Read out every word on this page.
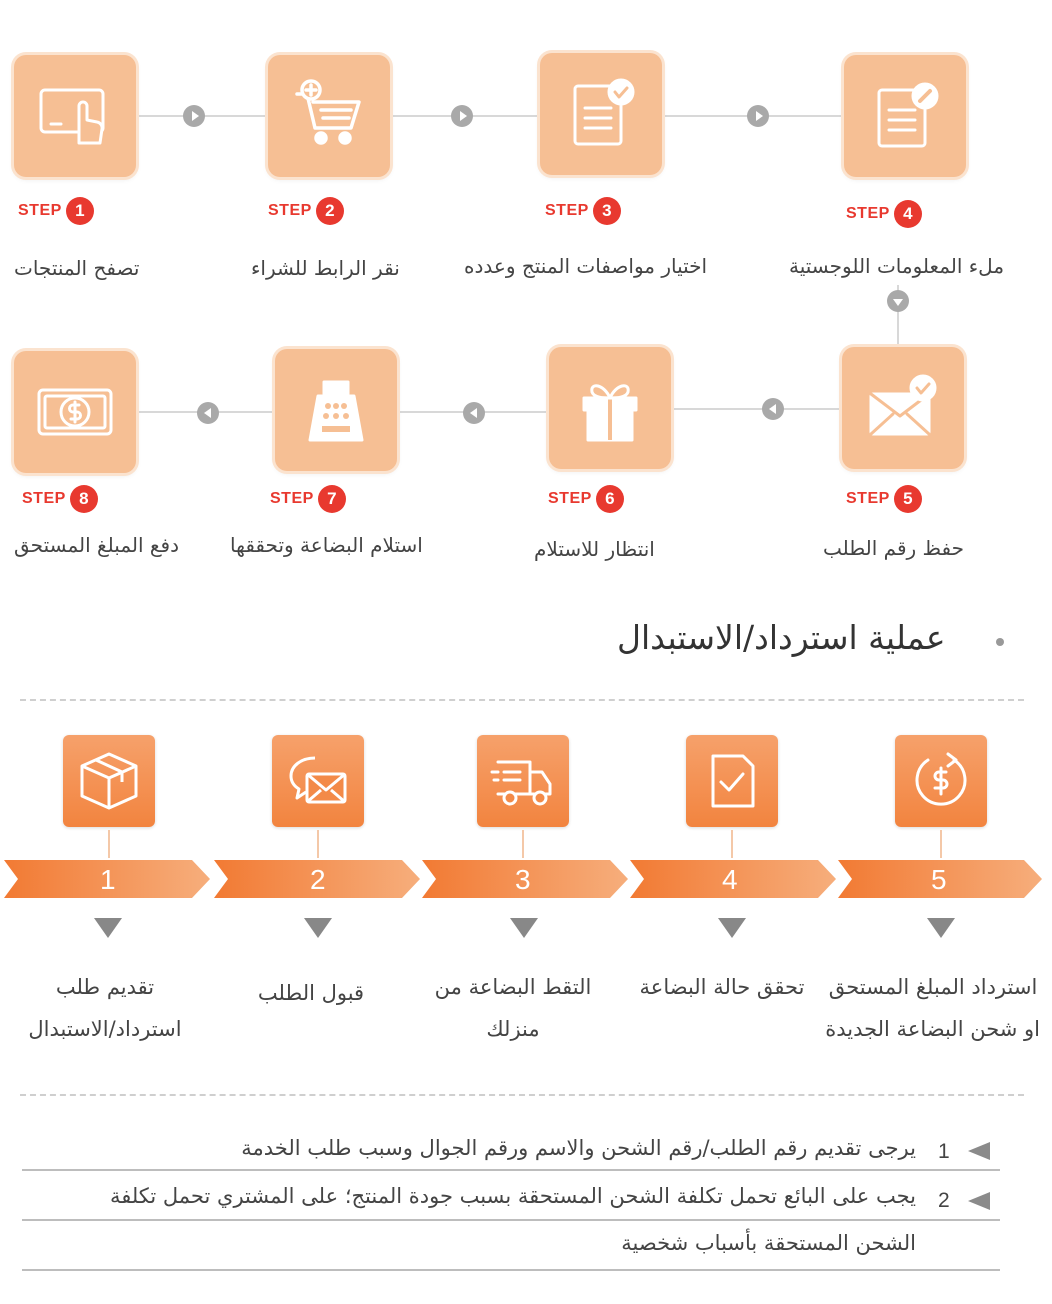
STEP 1
تصفح المنتجات
STEP 2
نقر الرابط للشراء
STEP 3
اختيار مواصفات المنتج وعدده
STEP 4
ملء المعلومات اللوجستية
STEP 5
حفظ رقم الطلب
STEP 6
انتظار للاستلام
STEP 7
استلام البضاعة وتحققها
STEP 8
دفع المبلغ المستحق
عملية استرداد/الاستبدال
1	2	3	4	5
تقديم طلب
استرداد/الاستبدال
قبول الطلب	التقط البضاعة من
منزلك
تحقق حالة البضاعة استرداد المبلغ المستحق
او شحن البضاعة الجديدة
1
يرجى تقديم رقم الطلب/رقم الشحن والاسم ورقم الجوال وسبب طلب الخدمة
2
يجب على البائع تحمل تكلفة الشحن المستحقة بسبب جودة المنتج؛ على المشتري تحمل تكلفة
الشحن المستحقة بأسباب شخصية
